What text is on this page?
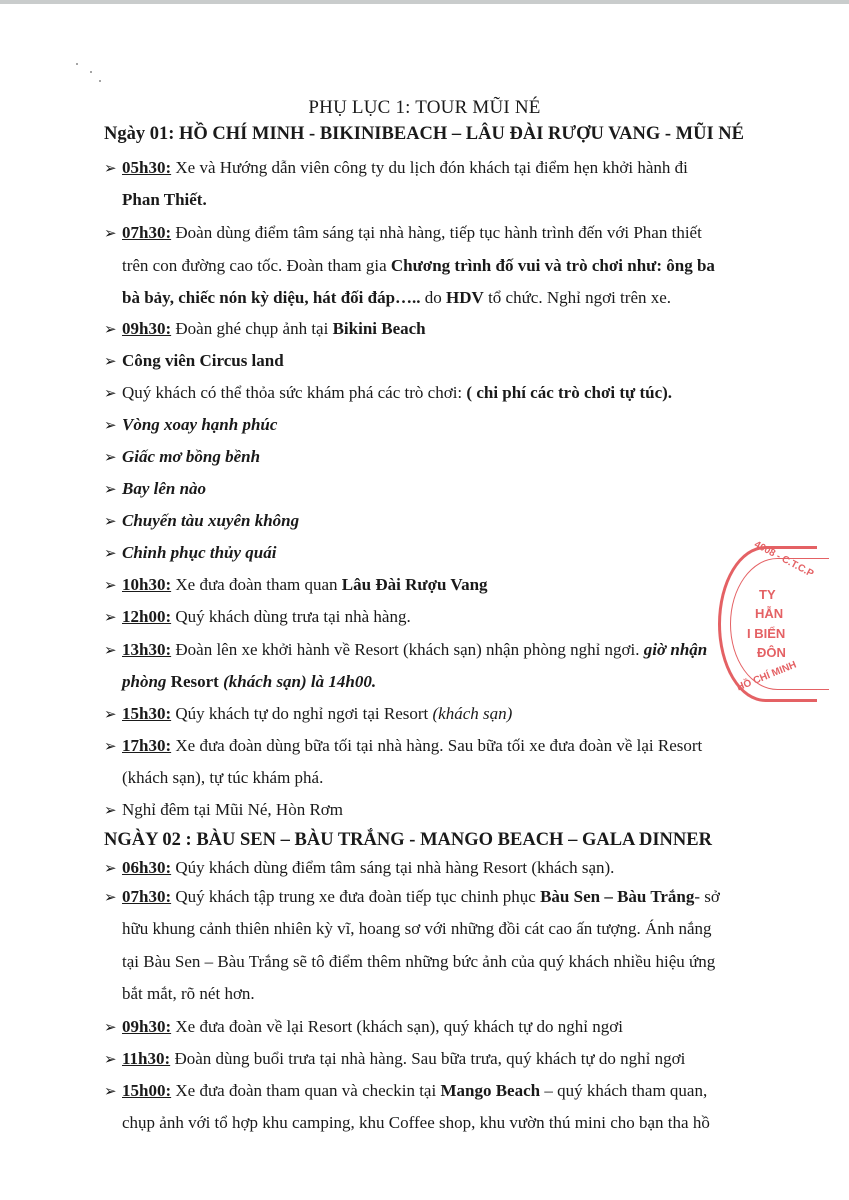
PHỤ LỤC 1: TOUR MŨI NÉ
Ngày 01: HỒ CHÍ MINH - BIKINIBEACH – LÂU ĐÀI RƯỢU VANG - MŨI NÉ
➢ 05h30: Xe và Hướng dẫn viên công ty du lịch đón khách tại điểm hẹn khởi hành đi
Phan Thiết.
➢ 07h30: Đoàn dùng điểm tâm sáng tại nhà hàng, tiếp tục hành trình đến với Phan thiết
trên con đường cao tốc. Đoàn tham gia Chương trình đố vui và trò chơi như: ông ba
bà bảy, chiếc nón kỳ diệu, hát đối đáp….. do HDV tổ chức. Nghỉ ngơi trên xe.
➢ 09h30: Đoàn ghé chụp ảnh tại Bikini Beach
➢ Công viên Circus land
➢ Quý khách có thể thỏa sức khám phá các trò chơi: ( chi phí các trò chơi tự túc).
➢ Vòng xoay hạnh phúc
➢ Giấc mơ bồng bềnh
➢ Bay lên nào
➢ Chuyến tàu xuyên không
➢ Chinh phục thủy quái
➢ 10h30: Xe đưa đoàn tham quan Lâu Đài Rượu Vang
➢ 12h00: Quý khách dùng trưa tại nhà hàng.
➢ 13h30: Đoàn lên xe khởi hành về Resort (khách sạn) nhận phòng nghỉ ngơi. giờ nhận
phòng Resort (khách sạn) là 14h00.
➢ 15h30: Qúy khách tự do nghỉ ngơi tại Resort (khách sạn)
➢ 17h30: Xe đưa đoàn dùng bữa tối tại nhà hàng. Sau bữa tối xe đưa đoàn về lại Resort
(khách sạn), tự túc khám phá.
➢ Nghỉ đêm tại Mũi Né, Hòn Rơm
NGÀY 02 : BÀU SEN – BÀU TRẮNG - MANGO BEACH – GALA DINNER
➢ 06h30: Qúy khách dùng điểm tâm sáng tại nhà hàng Resort (khách sạn).
➢ 07h30: Quý khách tập trung xe đưa đoàn tiếp tục chinh phục Bàu Sen – Bàu Trắng- sở
hữu khung cảnh thiên nhiên kỳ vĩ, hoang sơ với những đồi cát cao ấn tượng. Ánh nắng
tại Bàu Sen – Bàu Trắng sẽ tô điểm thêm những bức ảnh của quý khách nhiều hiệu ứng
bắt mắt, rõ nét hơn.
➢ 09h30: Xe đưa đoàn về lại Resort (khách sạn), quý khách tự do nghỉ ngơi
➢ 11h30: Đoàn dùng buổi trưa tại nhà hàng. Sau bữa trưa, quý khách tự do nghỉ ngơi
➢ 15h00: Xe đưa đoàn tham quan và checkin tại Mango Beach – quý khách tham quan,
chụp ảnh với tổ hợp khu camping, khu Coffee shop, khu vườn thú mini cho bạn tha hồ
4008 - C.T.C.P
TY
HẪN
I BIỂN
ĐÔN
HỒ CHÍ MINH
